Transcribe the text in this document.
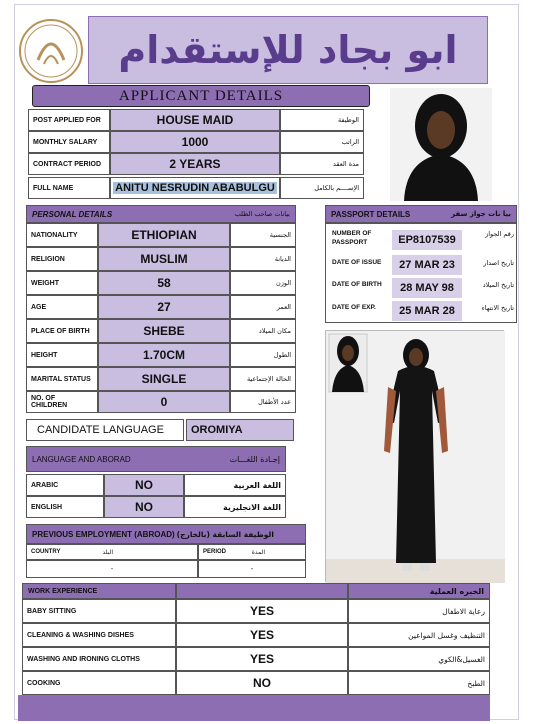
ابو بجاد للإستقدام
APPLICANT DETAILS
POST APPLIED FOR	HOUSE MAID	الوظيفة
MONTHLY SALARY	1000	الراتب
CONTRACT PERIOD	2 YEARS	مدة العقد
FULL NAME	ANITU NESRUDIN ABABULGU	الإســــم بالكامل
PERSONAL DETAILS	بيانات صاحب الطلب
NATIONALITY	ETHIOPIAN	الجنسية
RELIGION	MUSLIM	الديانة
WEIGHT	58	الوزن
AGE	27	العمر
PLACE OF BIRTH	SHEBE	مكان الميلاد
HEIGHT	1.70CM	الطول
MARITAL STATUS	SINGLE	الحالة الإجتماعية
NO. OF CHILDREN	0	عدد الأطفال
PASSPORT DETAILS	بيا نات جواز سفر
NUMBER OF PASSPORT	EP8107539	رقم الجواز
DATE OF ISSUE	27 MAR 23	تاريخ اصدار
DATE OF BIRTH	28 MAY 98	تاريخ الميلاد
DATE OF EXP.	25 MAR 28	تاريخ الانتهاء
CANDIDATE LANGUAGE	OROMIYA
LANGUAGE AND ABORAD	إجـادة اللغـــات
ARABIC	NO	اللغة العربية
ENGLISH	NO	اللغة الانجليزية
PREVIOUS EMPLOYMENT (ABROAD) الوظيفة السابقة (بالخارج)
COUNTRY	البلد	PERIOD	المدة
-	-
WORK EXPERIENCE	الخبره العملية
BABY SITTING	YES	رعاية الاطفال
CLEANING & WASHING DISHES	YES	التنظيف وغسل المواعين
WASHING AND IRONING CLOTHS	YES	الغسيل&الكوي
COOKING	NO	الطبخ
